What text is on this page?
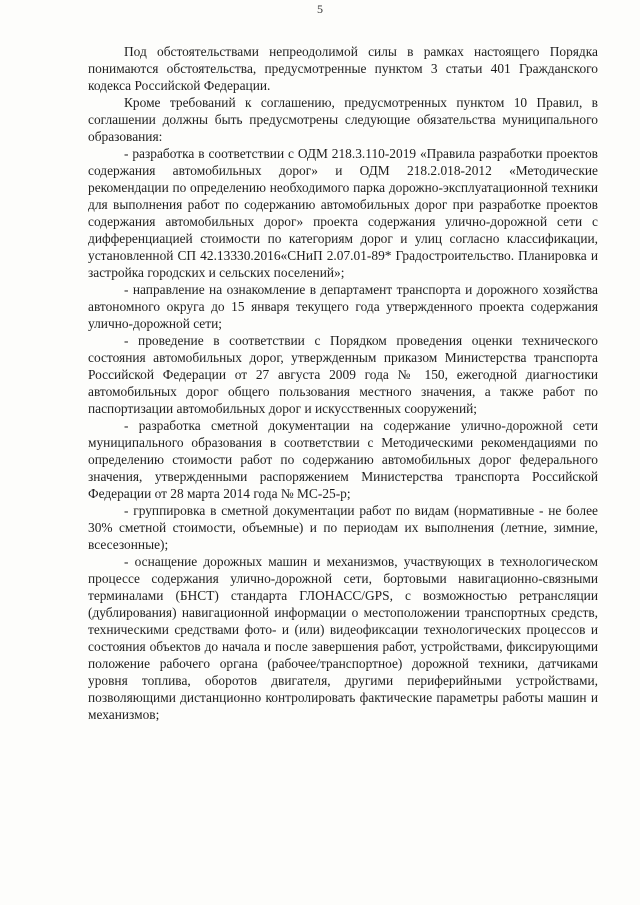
5

Под обстоятельствами непреодолимой силы в рамках настоящего Порядка понимаются обстоятельства, предусмотренные пунктом 3 статьи 401 Гражданского кодекса Российской Федерации.

Кроме требований к соглашению, предусмотренных пунктом 10 Правил, в соглашении должны быть предусмотрены следующие обязательства муниципального образования:

- разработка в соответствии с ОДМ 218.3.110-2019 «Правила разработки проектов содержания автомобильных дорог» и ОДМ 218.2.018-2012 «Методические рекомендации по определению необходимого парка дорожно-эксплуатационной техники для выполнения работ по содержанию автомобильных дорог при разработке проектов содержания автомобильных дорог» проекта содержания улично-дорожной сети с дифференциацией стоимости по категориям дорог и улиц согласно классификации, установленной СП 42.13330.2016«СНиП 2.07.01-89* Градостроительство. Планировка и застройка городских и сельских поселений»;

- направление на ознакомление в департамент транспорта и дорожного хозяйства автономного округа до 15 января текущего года утвержденного проекта содержания улично-дорожной сети;

- проведение в соответствии с Порядком проведения оценки технического состояния автомобильных дорог, утвержденным приказом Министерства транспорта Российской Федерации от 27 августа 2009 года № 150, ежегодной диагностики автомобильных дорог общего пользования местного значения, а также работ по паспортизации автомобильных дорог и искусственных сооружений;

- разработка сметной документации на содержание улично-дорожной сети муниципального образования в соответствии с Методическими рекомендациями по определению стоимости работ по содержанию автомобильных дорог федерального значения, утвержденными распоряжением Министерства транспорта Российской Федерации от 28 марта 2014 года № МС-25-р;

- группировка в сметной документации работ по видам (нормативные - не более 30% сметной стоимости, объемные) и по периодам их выполнения (летние, зимние, всесезонные);

- оснащение дорожных машин и механизмов, участвующих в технологическом процессе содержания улично-дорожной сети, бортовыми навигационно-связными терминалами (БНСТ) стандарта ГЛОНАСС/GPS, с возможностью ретрансляции (дублирования) навигационной информации о местоположении транспортных средств, техническими средствами фото- и (или) видеофиксации технологических процессов и состояния объектов до начала и после завершения работ, устройствами, фиксирующими положение рабочего органа (рабочее/транспортное) дорожной техники, датчиками уровня топлива, оборотов двигателя, другими периферийными устройствами, позволяющими дистанционно контролировать фактические параметры работы машин и механизмов;
